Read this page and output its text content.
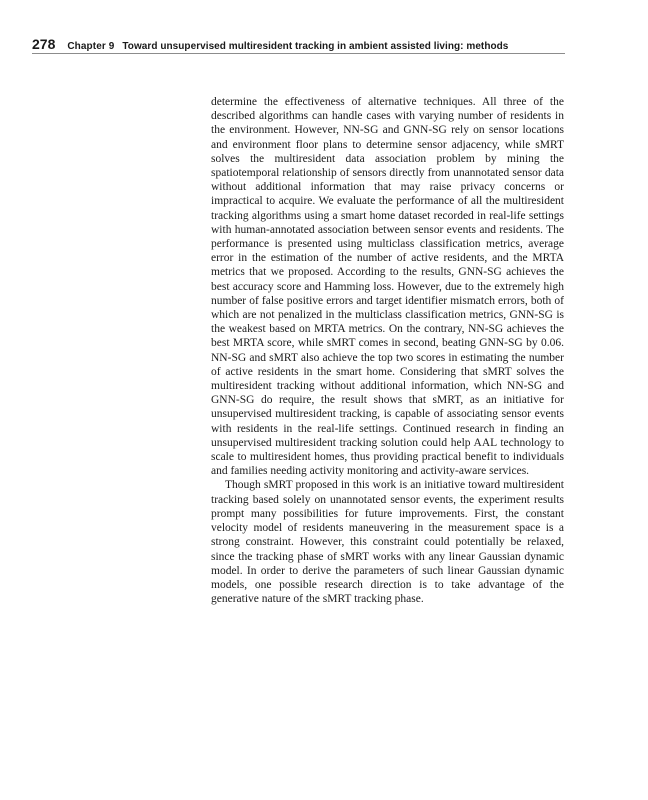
278 Chapter 9 Toward unsupervised multiresident tracking in ambient assisted living: methods

determine the effectiveness of alternative techniques. All three of the described algorithms can handle cases with varying number of residents in the environment. However, NN-SG and GNN-SG rely on sensor locations and environment floor plans to determine sensor adjacency, while sMRT solves the multiresident data association problem by mining the spatiotemporal relationship of sensors directly from unannotated sensor data without additional information that may raise privacy concerns or impractical to acquire. We evaluate the performance of all the multiresident tracking algorithms using a smart home dataset recorded in real-life settings with human-annotated association between sensor events and residents. The performance is presented using multiclass classification metrics, average error in the estimation of the number of active residents, and the MRTA metrics that we proposed. According to the results, GNN-SG achieves the best accuracy score and Hamming loss. However, due to the extremely high number of false positive errors and target identifier mismatch errors, both of which are not penalized in the multiclass classification metrics, GNN-SG is the weakest based on MRTA metrics. On the contrary, NN-SG achieves the best MRTA score, while sMRT comes in second, beating GNN-SG by 0.06. NN-SG and sMRT also achieve the top two scores in estimating the number of active residents in the smart home. Considering that sMRT solves the multiresident tracking without additional information, which NN-SG and GNN-SG do require, the result shows that sMRT, as an initiative for unsupervised multiresident tracking, is capable of associating sensor events with residents in the real-life settings. Continued research in finding an unsupervised multiresident tracking solution could help AAL technology to scale to multiresident homes, thus providing practical benefit to individuals and families needing activity monitoring and activity-aware services.

Though sMRT proposed in this work is an initiative toward multiresident tracking based solely on unannotated sensor events, the experiment results prompt many possibilities for future improvements. First, the constant velocity model of residents maneuvering in the measurement space is a strong constraint. However, this constraint could potentially be relaxed, since the tracking phase of sMRT works with any linear Gaussian dynamic model. In order to derive the parameters of such linear Gaussian dynamic models, one possible research direction is to take advantage of the generative nature of the sMRT tracking phase.
